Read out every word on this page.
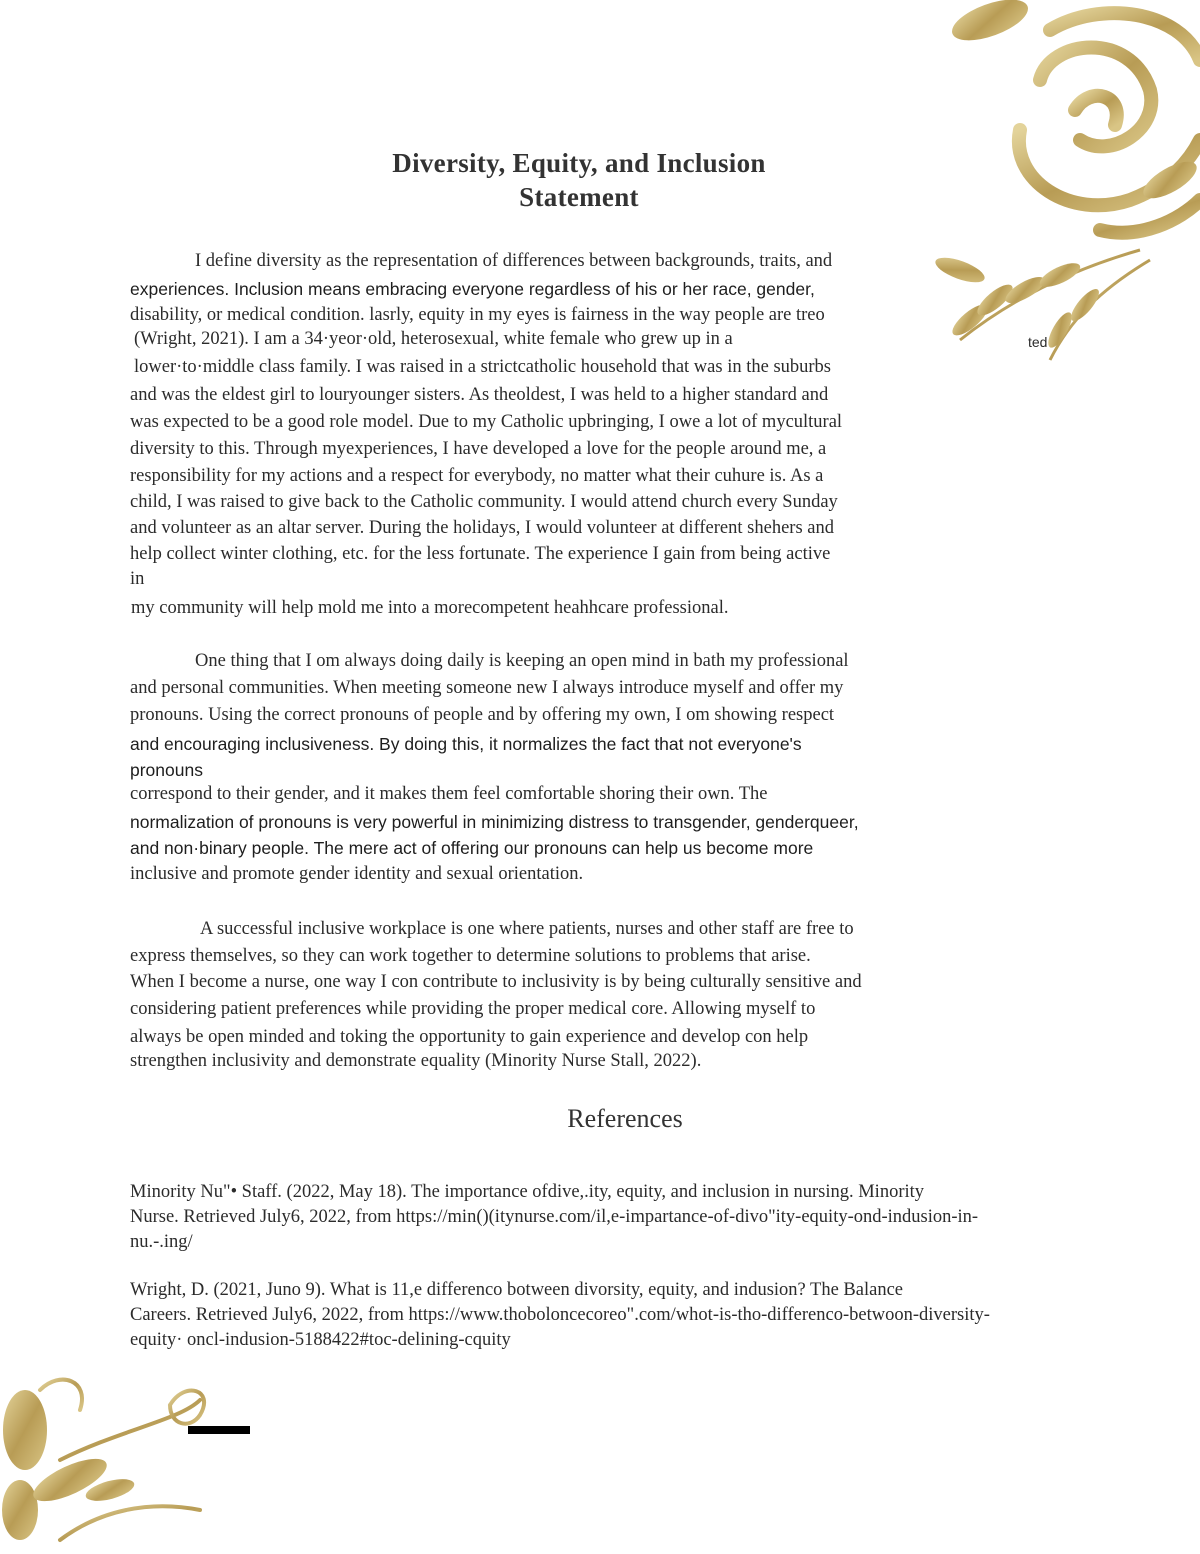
Diversity, Equity, and Inclusion
Statement
I define diversity as the representation of differences between backgrounds, traits, and
experiences. Inclusion means embracing everyone regardless of his or her race, gender,
disability, or medical condition. lasrly, equity in my eyes is fairness in the way people are treo
(Wright, 2021). I am a 34·yeor·old, heterosexual, white female who grew up in a	ted
lower·to·middle class family. I was raised in a strictcatholic household that was in the suburbs
and was the eldest girl to louryounger sisters. As theoldest, I was held to a higher standard and
was expected to be a good role model. Due to my Catholic upbringing, I owe a lot of mycultural
diversity to this. Through myexperiences, I have developed a love for the people around me, a
responsibility for my actions and a respect for everybody, no matter what their cuhure is. As a
child, I was raised to give back to the Catholic community. I would attend church every Sunday
and volunteer as an altar server. During the holidays, I would volunteer at different shehers and
help collect winter clothing, etc. for the less fortunate. The experience I gain from being active
in
my community will help mold me into a morecompetent heahhcare professional.
One thing that I om always doing daily is keeping an open mind in bath my professional
and personal communities. When meeting someone new I always introduce myself and offer my
pronouns. Using the correct pronouns of people and by offering my own, I om showing respect
and encouraging inclusiveness. By doing this, it normalizes the fact that not everyone's
pronouns
correspond to their gender, and it makes them feel comfortable shoring their own. The
normalization of pronouns is very powerful in minimizing distress to transgender, genderqueer,
and non·binary people. The mere act of offering our pronouns can help us become more
inclusive and promote gender identity and sexual orientation.
A successful inclusive workplace is one where patients, nurses and other staff are free to
express themselves, so they can work together to determine solutions to problems that arise.
When I become a nurse, one way I con contribute to inclusivity is by being culturally sensitive and
considering patient preferences while providing the proper medical core. Allowing myself to
always be open minded and toking the opportunity to gain experience and develop con help
strengthen inclusivity and demonstrate equality (Minority Nurse Stall, 2022).
References
Minority Nu"• Staff. (2022, May 18). The importance ofdive,.ity, equity, and inclusion in nursing. Minority
Nurse. Retrieved July6, 2022, from https://min()(itynurse.com/il,e-impartance-of-divo"ity-equity-ond-indusion-in-
nu.-.ing/
Wright, D. (2021, Juno 9). What is 11,e differenco botween divorsity, equity, and indusion? The Balance
Careers. Retrieved July6, 2022, from https://www.thoboloncecoreo".com/whot-is-tho-differenco-betwoon-diversity-
equity· oncl-indusion-5188422#toc-delining-cquity
